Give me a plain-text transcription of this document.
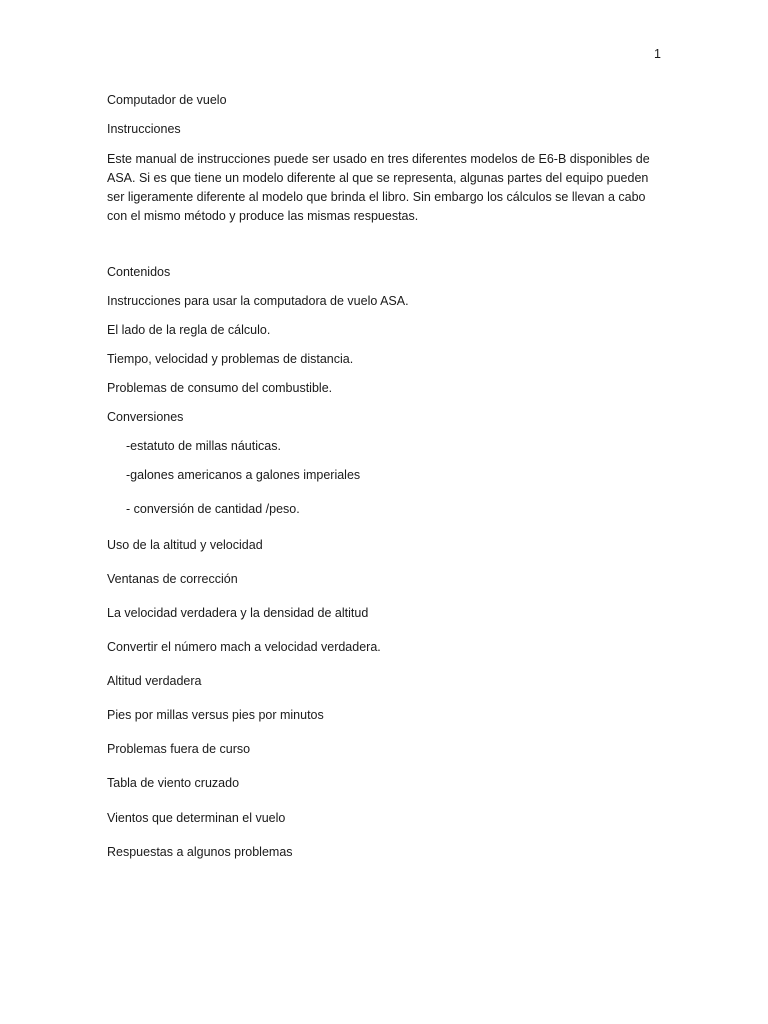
1
Computador de vuelo
Instrucciones
Este manual de instrucciones puede ser usado en tres diferentes modelos de E6-B disponibles de
ASA. Si es que tiene un modelo diferente al que se representa, algunas partes del equipo pueden
ser ligeramente diferente al modelo que brinda el libro. Sin embargo los cálculos se llevan a cabo
con el mismo método y produce las mismas respuestas.
Contenidos
Instrucciones para usar la computadora de vuelo ASA.
El lado de la regla de cálculo.
Tiempo, velocidad y problemas de distancia.
Problemas de consumo del combustible.
Conversiones
-estatuto de millas náuticas.
-galones americanos a galones imperiales
- conversión de cantidad /peso.
Uso de la altitud y velocidad
Ventanas de corrección
La velocidad verdadera y la densidad de altitud
Convertir el número mach a velocidad verdadera.
Altitud verdadera
Pies por millas versus pies por minutos
Problemas fuera de curso
Tabla de viento cruzado
Vientos que determinan el vuelo
Respuestas a algunos problemas
